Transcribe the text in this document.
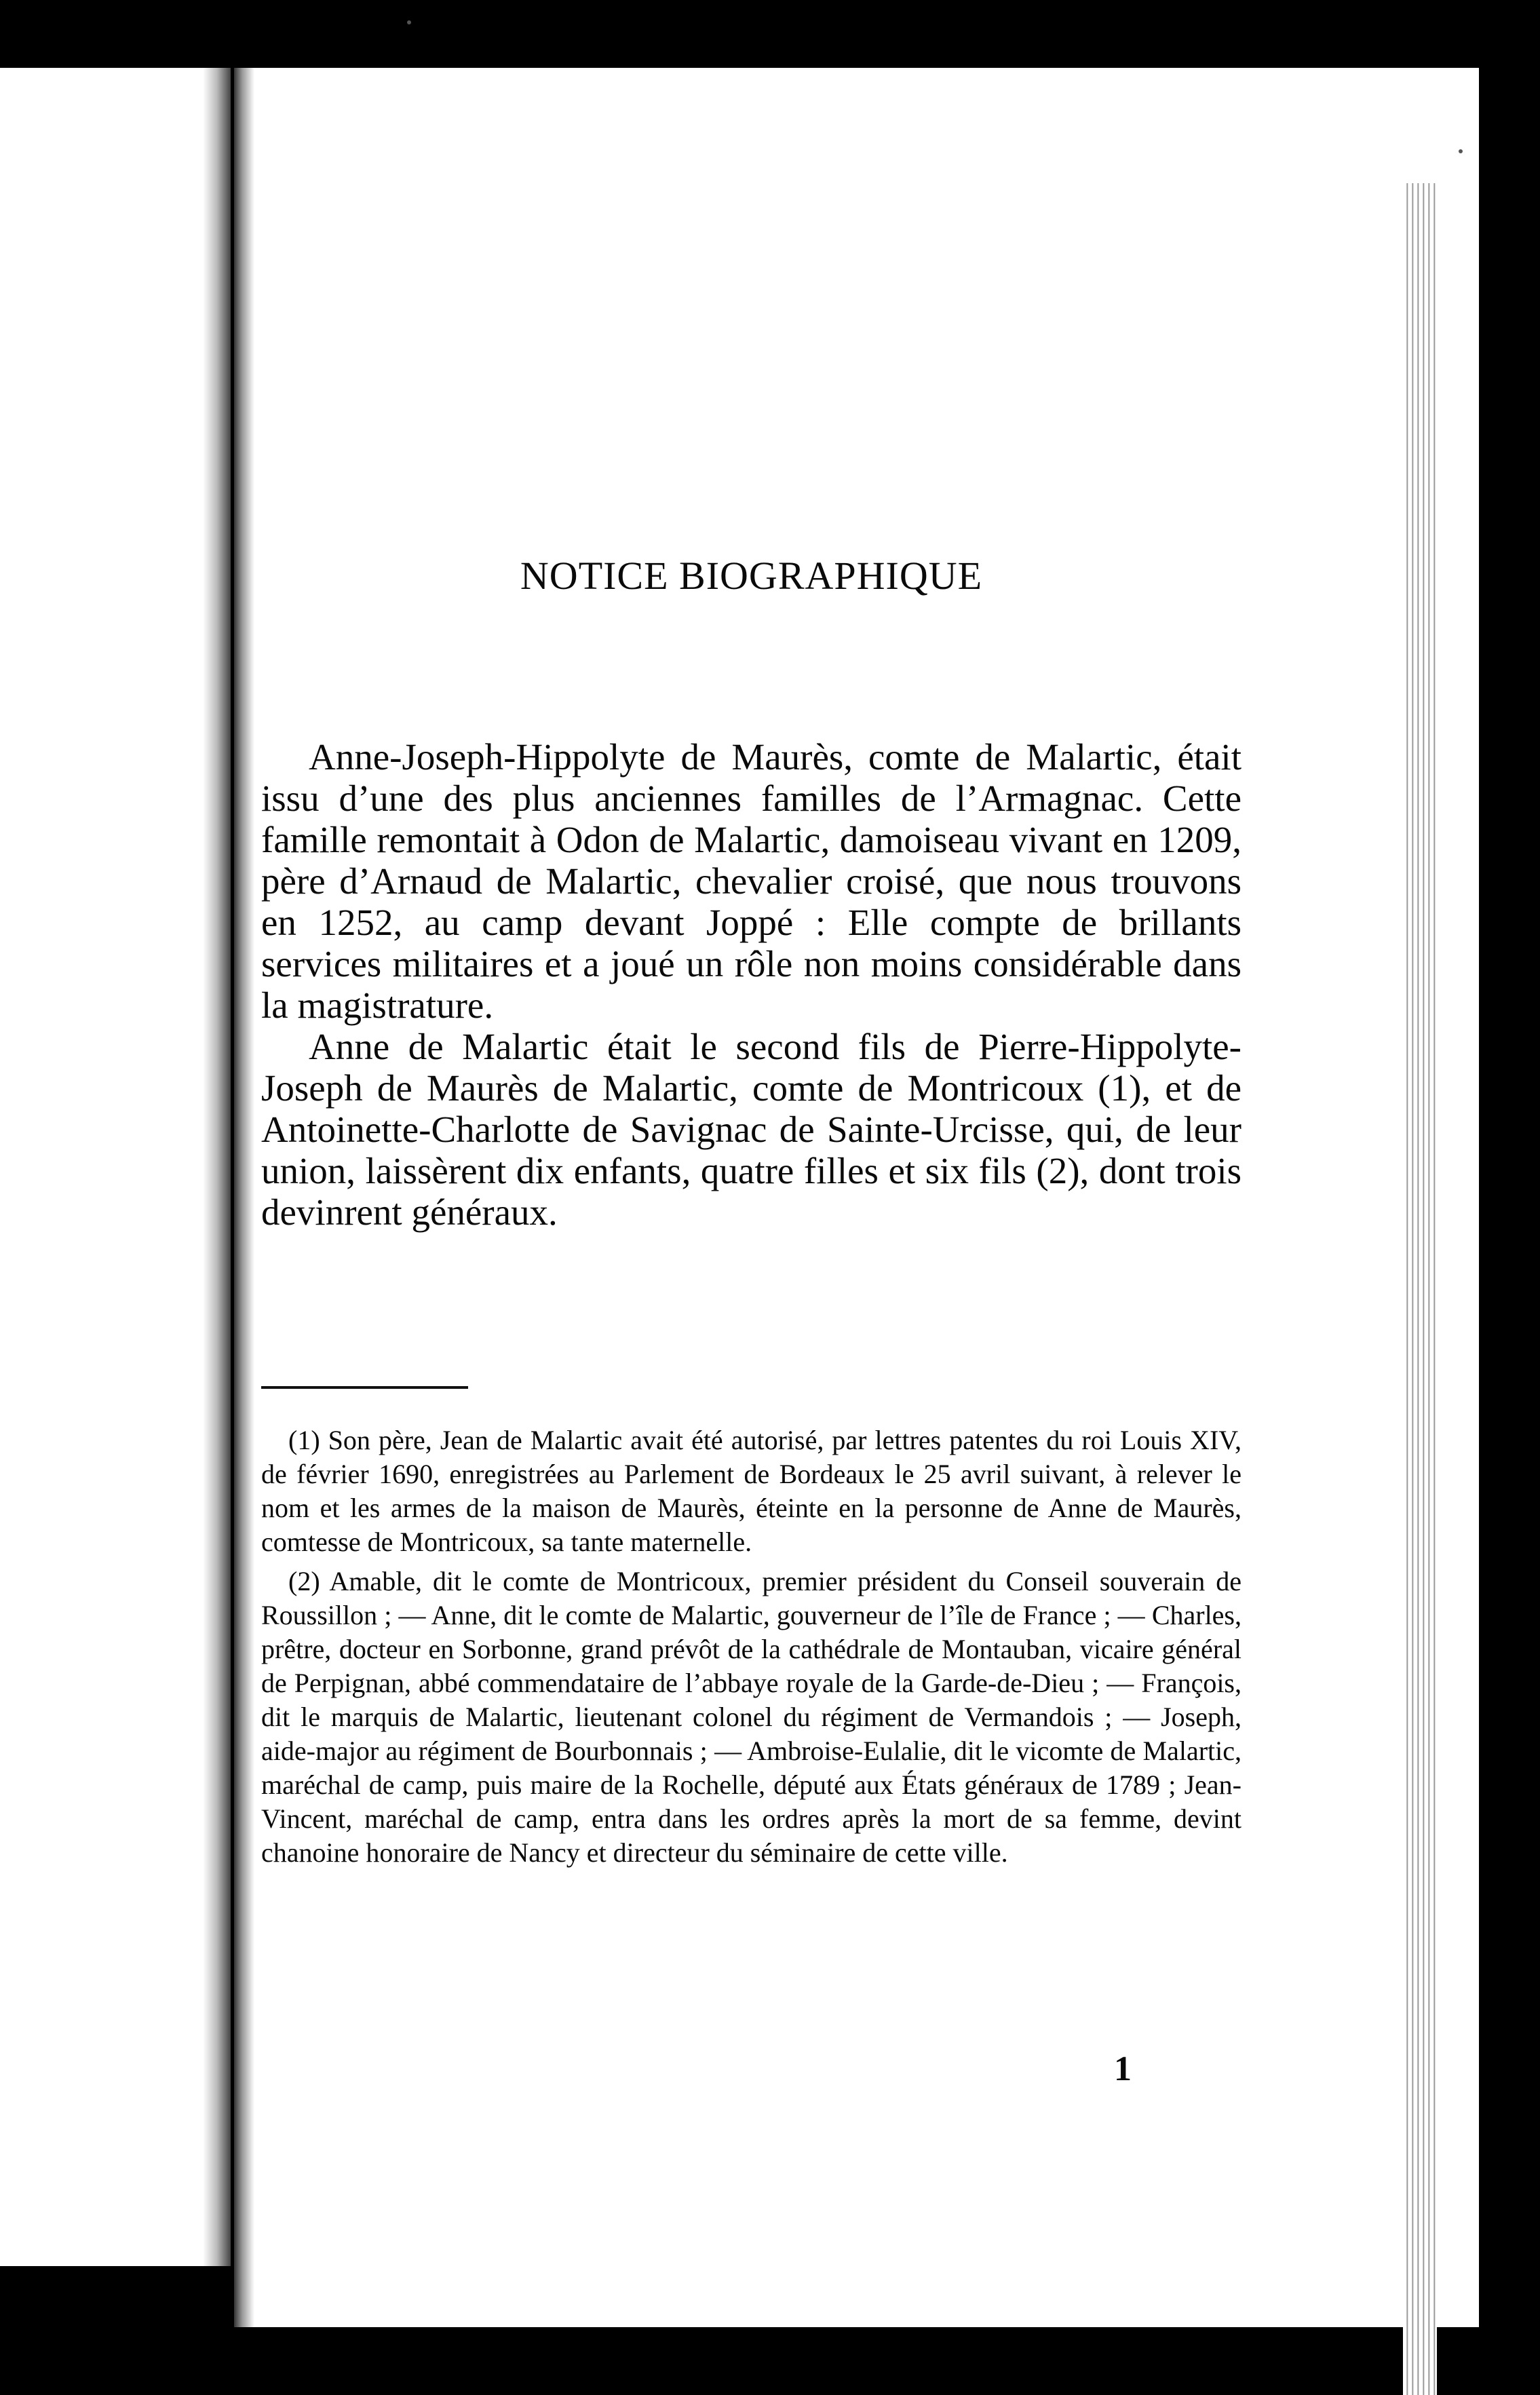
NOTICE BIOGRAPHIQUE

Anne-Joseph-Hippolyte de Maurès, comte de Malartic, était issu d’une des plus anciennes familles de l’Armagnac. Cette famille remontait à Odon de Malartic, damoiseau vivant en 1209, père d’Arnaud de Malartic, chevalier croisé, que nous trouvons en 1252, au camp devant Joppé : Elle compte de brillants services militaires et a joué un rôle non moins considérable dans la magistrature.

Anne de Malartic était le second fils de Pierre-Hippolyte-Joseph de Maurès de Malartic, comte de Montricoux (1), et de Antoinette-Charlotte de Savignac de Sainte-Urcisse, qui, de leur union, laissèrent dix enfants, quatre filles et six fils (2), dont trois devinrent généraux.

(1) Son père, Jean de Malartic avait été autorisé, par lettres patentes du roi Louis XIV, de février 1690, enregistrées au Parlement de Bordeaux le 25 avril suivant, à relever le nom et les armes de la maison de Maurès, éteinte en la personne de Anne de Maurès, comtesse de Montricoux, sa tante maternelle.

(2) Amable, dit le comte de Montricoux, premier président du Conseil souverain de Roussillon ; — Anne, dit le comte de Malartic, gouverneur de l’île de France ; — Charles, prêtre, docteur en Sorbonne, grand prévôt de la cathédrale de Montauban, vicaire général de Perpignan, abbé commendataire de l’abbaye royale de la Garde-de-Dieu ; — François, dit le marquis de Malartic, lieutenant colonel du régiment de Vermandois ; — Joseph, aide-major au régiment de Bourbonnais ; — Ambroise-Eulalie, dit le vicomte de Malartic, maréchal de camp, puis maire de la Rochelle, député aux États généraux de 1789 ; Jean-Vincent, maréchal de camp, entra dans les ordres après la mort de sa femme, devint chanoine honoraire de Nancy et directeur du séminaire de cette ville.

1
